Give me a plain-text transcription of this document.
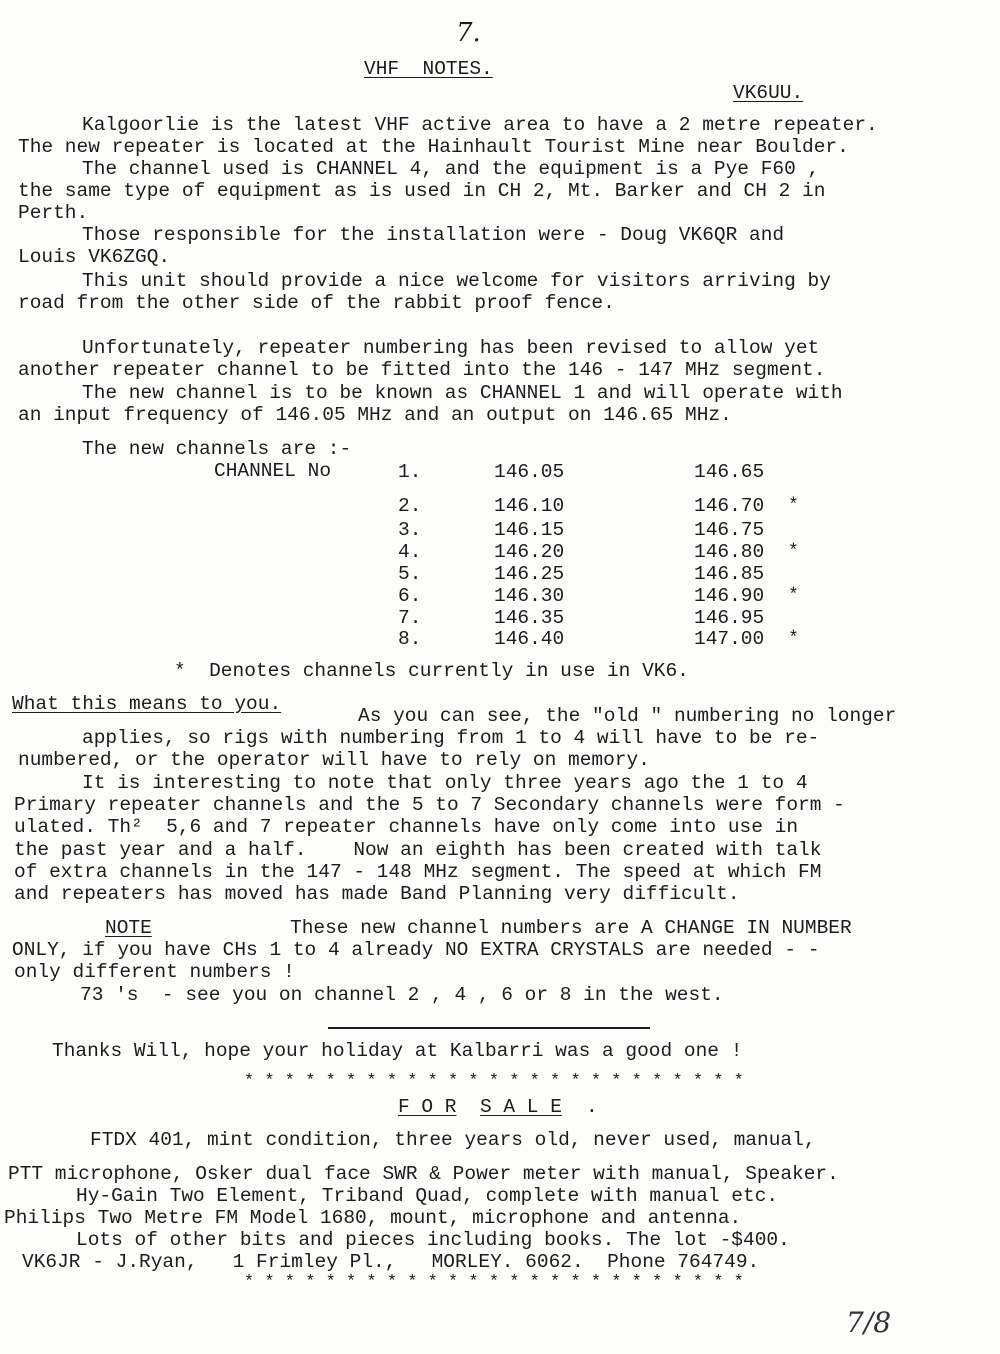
7.
VHF  NOTES.
VK6UU.
Kalgoorlie is the latest VHF active area to have a 2 metre repeater.
The new repeater is located at the Hainhault Tourist Mine near Boulder.
The channel used is CHANNEL 4, and the equipment is a Pye F60 ,
the same type of equipment as is used in CH 2, Mt. Barker and CH 2 in
Perth.
Those responsible for the installation were - Doug VK6QR and
Louis VK6ZGQ.
This unit should provide a nice welcome for visitors arriving by
road from the other side of the rabbit proof fence.
Unfortunately, repeater numbering has been revised to allow yet
another repeater channel to be fitted into the 146 - 147 MHz segment.
The new channel is to be known as CHANNEL 1 and will operate with
an input frequency of 146.05 MHz and an output on 146.65 MHz.
The new channels are :-
CHANNEL No	1.	146.05	146.65
2.	146.10	146.70 *
3.	146.15	146.75
4.	146.20	146.80 *
5.	146.25	146.85
6.	146.30	146.90 *
7.	146.35	146.95
8.	146.40	147.00 *
*  Denotes channels currently in use in VK6.
What this means to you.
As you can see, the "old " numbering no longer
applies, so rigs with numbering from 1 to 4 will have to be re-
numbered, or the operator will have to rely on memory.
It is interesting to note that only three years ago the 1 to 4
Primary repeater channels and the 5 to 7 Secondary channels were form -
ulated. Th²  5,6 and 7 repeater channels have only come into use in
the past year and a half.    Now an eighth has been created with talk
of extra channels in the 147 - 148 MHz segment. The speed at which FM
and repeaters has moved has made Band Planning very difficult.
NOTE	These new channel numbers are A CHANGE IN NUMBER
ONLY, if you have CHs 1 to 4 already NO EXTRA CRYSTALS are needed - -
only different numbers !
73 's  - see you on channel 2 , 4 , 6 or 8 in the west.
Thanks Will, hope your holiday at Kalbarri was a good one !
* * * * * * * * * * * * * * * * * * * * * * * * *
F O R S A L E .
FTDX 401, mint condition, three years old, never used, manual,
PTT microphone, Osker dual face SWR & Power meter with manual, Speaker.
Hy-Gain Two Element, Triband Quad, complete with manual etc.
Philips Two Metre FM Model 1680, mount, microphone and antenna.
Lots of other bits and pieces including books. The lot -$400.
VK6JR - J.Ryan,   1 Frimley Pl.,   MORLEY. 6062.  Phone 764749.
* * * * * * * * * * * * * * * * * * * * * * * * *
7/8
